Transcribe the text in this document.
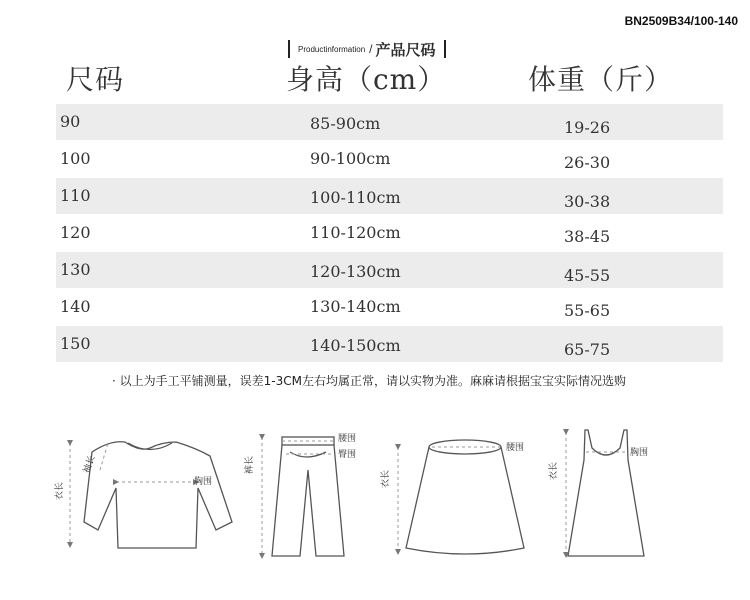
BN2509B34/100-140
Productinformation / 产品尺码
尺码	身高（cm）	体重（斤）
90	85-90cm	19-26
100	90-100cm	26-30
110	100-110cm	30-38
120	110-120cm	38-45
130	120-130cm	45-55
140	130-140cm	55-65
150	140-150cm	65-75
· 以上为手工平铺测量，误差1-3CM左右均属正常，请以实物为准。麻麻请根据宝宝实际情况选购
衣长
袖长
胸围
裤长
腰围
臀围
衣长
腰围
衣长
胸围
